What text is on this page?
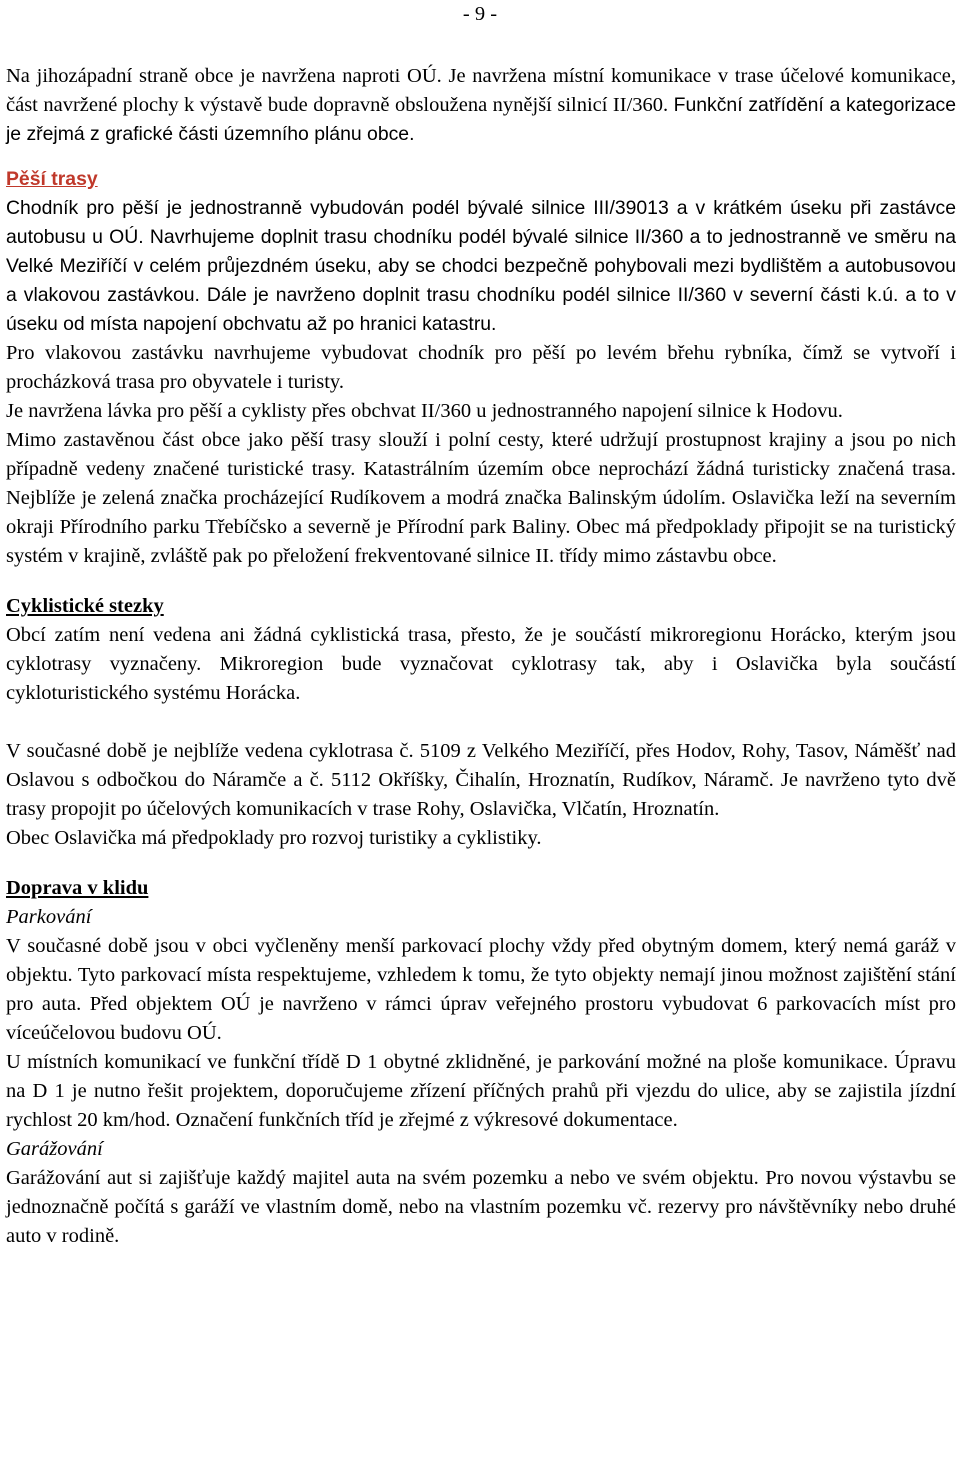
- 9 -

Na jihozápadní straně obce je navržena naproti OÚ. Je navržena místní komunikace v trase účelové komunikace, část navržené plochy k výstavě bude dopravně obsloužena nynější silnicí II/360. Funkční zatřídění a kategorizace je zřejmá z grafické části územního plánu obce.

Pěší trasy

Chodník pro pěší je jednostranně vybudován podél bývalé silnice III/39013 a v krátkém úseku při zastávce autobusu u OÚ. Navrhujeme doplnit trasu chodníku podél bývalé silnice II/360 a to jednostranně ve směru na Velké Meziříčí v celém průjezdném úseku, aby se chodci bezpečně pohybovali mezi bydlištěm a autobusovou a vlakovou zastávkou. Dále je navrženo doplnit trasu chodníku podél silnice II/360 v severní části k.ú. a to v úseku od místa napojení obchvatu až po hranici katastru.

Pro vlakovou zastávku navrhujeme vybudovat chodník pro pěší po levém břehu rybníka, čímž se vytvoří i procházková trasa pro obyvatele i turisty.

Je navržena lávka pro pěší a cyklisty přes obchvat II/360 u jednostranného napojení silnice k Hodovu.

Mimo zastavěnou část obce jako pěší trasy slouží i polní cesty, které udržují prostupnost krajiny a jsou po nich případně vedeny značené turistické trasy. Katastrálním územím obce neprochází žádná turisticky značená trasa. Nejblíže je zelená značka procházející Rudíkovem a modrá značka Balinským údolím. Oslavička leží na severním okraji Přírodního parku Třebíčsko a severně je Přírodní park Baliny. Obec má předpoklady připojit se na turistický systém v krajině, zvláště pak po přeložení frekventované silnice II. třídy mimo zástavbu obce.

Cyklistické stezky

Obcí zatím není vedena ani žádná cyklistická trasa, přesto, že je součástí mikroregionu Horácko, kterým jsou cyklotrasy vyznačeny. Mikroregion bude vyznačovat cyklotrasy tak, aby i Oslavička byla součástí cykloturistického systému Horácka.

V současné době je nejblíže vedena cyklotrasa č. 5109 z Velkého Meziříčí, přes Hodov, Rohy, Tasov, Náměšť nad Oslavou s odbočkou do Náramče a č. 5112 Okříšky, Čihalín, Hroznatín, Rudíkov, Náramč. Je navrženo tyto dvě trasy propojit po účelových komunikacích v trase Rohy, Oslavička, Vlčatín, Hroznatín.

Obec Oslavička má předpoklady pro rozvoj turistiky a cyklistiky.

Doprava v klidu

Parkování

V současné době jsou v obci vyčleněny menší parkovací plochy vždy před obytným domem, který nemá garáž v objektu. Tyto parkovací místa respektujeme, vzhledem k tomu, že tyto objekty nemají jinou možnost zajištění stání pro auta. Před objektem OÚ je navrženo v rámci úprav veřejného prostoru vybudovat 6 parkovacích míst pro víceúčelovou budovu OÚ.

U místních komunikací ve funkční třídě D 1 obytné zklidněné, je parkování možné na ploše komunikace. Úpravu na D 1 je nutno řešit projektem, doporučujeme zřízení příčných prahů při vjezdu do ulice, aby se zajistila jízdní rychlost 20 km/hod. Označení funkčních tříd je zřejmé z výkresové dokumentace.

Garážování

Garážování aut si zajišťuje každý majitel auta na svém pozemku a nebo ve svém objektu. Pro novou výstavbu se jednoznačně počítá s garáží ve vlastním domě, nebo na vlastním pozemku vč. rezervy pro návštěvníky nebo druhé auto v rodině.
